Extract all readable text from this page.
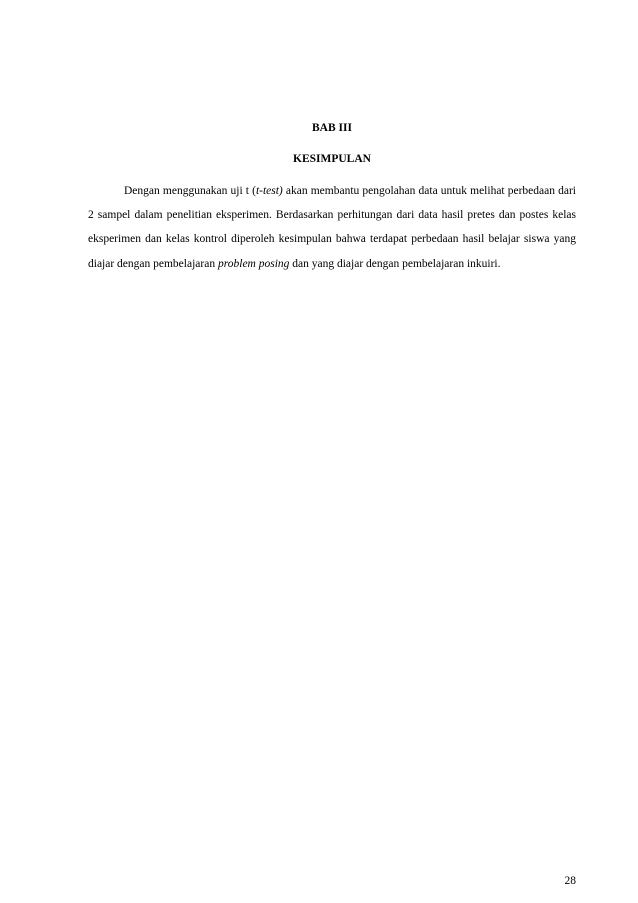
BAB III
KESIMPULAN

Dengan menggunakan uji t (t-test) akan membantu pengolahan data untuk melihat perbedaan dari 2 sampel dalam penelitian eksperimen. Berdasarkan perhitungan dari data hasil pretes dan postes kelas eksperimen dan kelas kontrol diperoleh kesimpulan bahwa terdapat perbedaan hasil belajar siswa yang diajar dengan pembelajaran problem posing dan yang diajar dengan pembelajaran inkuiri.

28
